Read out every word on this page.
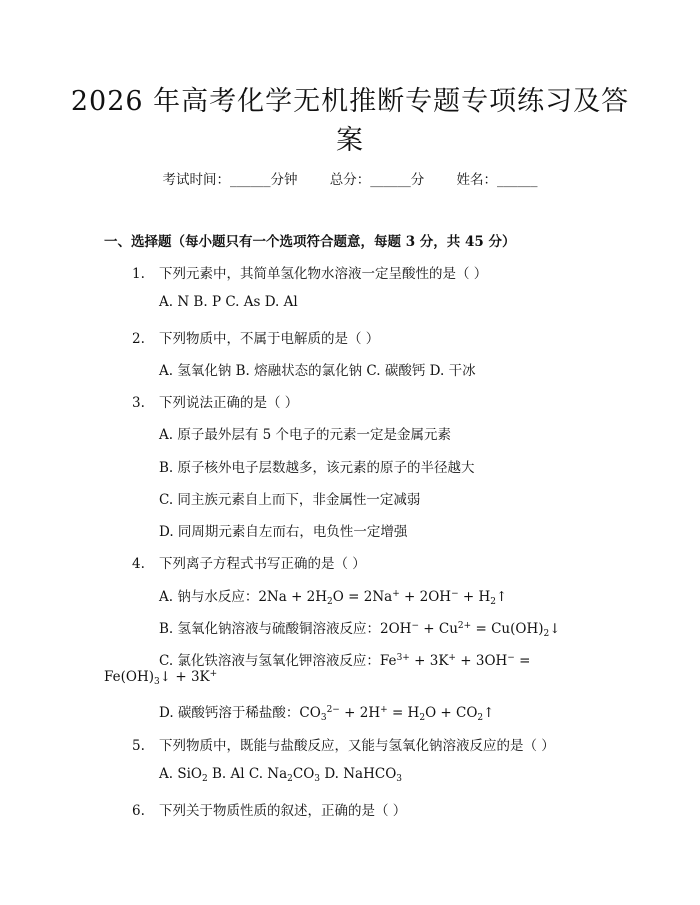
2026 年高考化学无机推断专题专项练习及答
案
考试时间：______分钟 总分：______分 姓名：______
一、选择题（每小题只有一个选项符合题意，每题 3 分，共 45 分）
1. 下列元素中，其简单氢化物水溶液一定呈酸性的是（ ）
A. N B. P C. As D. Al
2. 下列物质中，不属于电解质的是（ ）
A. 氢氧化钠 B. 熔融状态的氯化钠 C. 碳酸钙 D. 干冰
3. 下列说法正确的是（ ）
A. 原子最外层有 5 个电子的元素一定是金属元素
B. 原子核外电子层数越多，该元素的原子的半径越大
C. 同主族元素自上而下，非金属性一定减弱
D. 同周期元素自左而右，电负性一定增强
4. 下列离子方程式书写正确的是（ ）
A. 钠与水反应：$2Na + 2H_2O = 2Na^+ + 2OH^-$ + $H_2↑$
B. 氢氧化钠溶液与硫酸铜溶液反应：$2OH^- + Cu^{2+}$ = $Cu(OH)_2↓$
C. 氯化铁溶液与氢氧化钾溶液反应：$Fe^{3+} + 3K^+ + 3OH^-$ =
$Fe(OH)_3↓ + 3K^+$
D. 碳酸钙溶于稀盐酸：$CO_3^{2-} + 2H^+ = H_2O$ + $CO_2↑$
5. 下列物质中，既能与盐酸反应，又能与氢氧化钠溶液反应的是（ ）
A. SiO$_2$ B. Al C. $Na_2CO_3$ D. NaHCO$_3$
6. 下列关于物质性质的叙述，正确的是（ ）
